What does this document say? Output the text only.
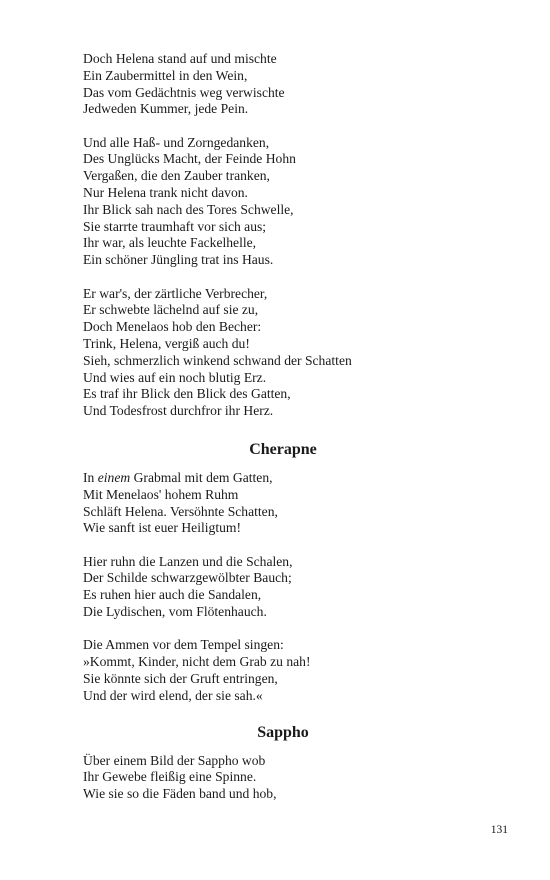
Doch Helena stand auf und mischte
Ein Zaubermittel in den Wein,
Das vom Gedächtnis weg verwischte
Jedweden Kummer, jede Pein.
Und alle Haß- und Zorngedanken,
Des Unglücks Macht, der Feinde Hohn
Vergaßen, die den Zauber tranken,
Nur Helena trank nicht davon.
Ihr Blick sah nach des Tores Schwelle,
Sie starrte traumhaft vor sich aus;
Ihr war, als leuchte Fackelhelle,
Ein schöner Jüngling trat ins Haus.
Er war's, der zärtliche Verbrecher,
Er schwebte lächelnd auf sie zu,
Doch Menelaos hob den Becher:
Trink, Helena, vergiß auch du!
Sieh, schmerzlich winkend schwand der Schatten
Und wies auf ein noch blutig Erz.
Es traf ihr Blick den Blick des Gatten,
Und Todesfrost durchfror ihr Herz.
Cherapne
In einem Grabmal mit dem Gatten,
Mit Menelaos' hohem Ruhm
Schläft Helena. Versöhnte Schatten,
Wie sanft ist euer Heiligtum!
Hier ruhn die Lanzen und die Schalen,
Der Schilde schwarzgewölbter Bauch;
Es ruhen hier auch die Sandalen,
Die Lydischen, vom Flötenhauch.
Die Ammen vor dem Tempel singen:
»Kommt, Kinder, nicht dem Grab zu nah!
Sie könnte sich der Gruft entringen,
Und der wird elend, der sie sah.«
Sappho
Über einem Bild der Sappho wob
Ihr Gewebe fleißig eine Spinne.
Wie sie so die Fäden band und hob,
131
